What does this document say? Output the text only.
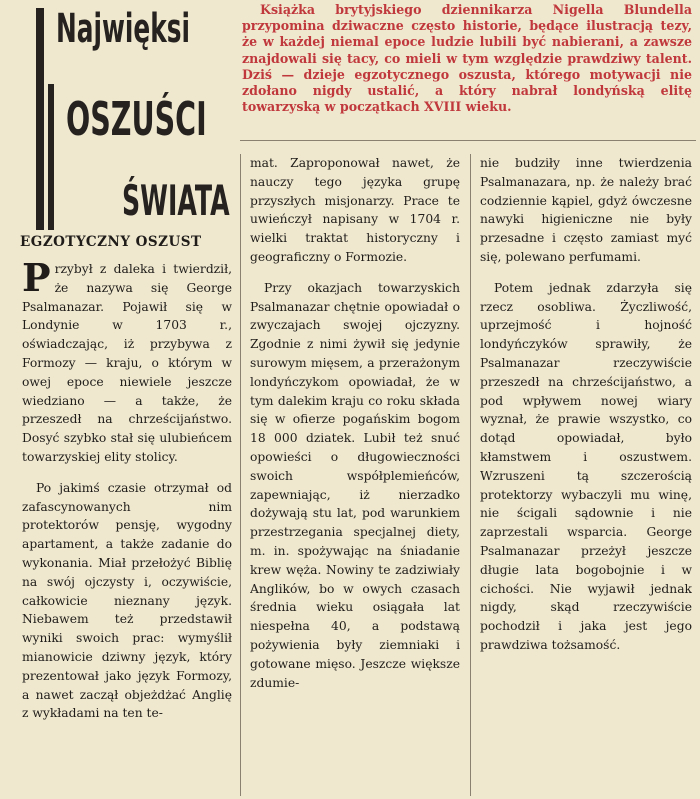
Najwięksi
OSZUŚCI
ŚWIATA
Książka brytyjskiego dziennikarza Nigella Blundella przypomina dziwaczne często historie, będące ilustracją tezy, że w każdej niemal epoce ludzie lubili być nabierani, a zawsze znajdowali się tacy, co mieli w tym względzie prawdziwy talent. Dziś — dzieje egzotycznego oszusta, którego motywacji nie zdołano nigdy ustalić, a który nabrał londyńską elitę towarzyską w początkach XVIII wieku.
EGZOTYCZNY OSZUST

Przybył z daleka i twierdził, że nazywa się George Psalmanazar. Pojawił się w Londynie w 1703 r., oświadczając, iż przybywa z Formozy — kraju, o którym w owej epoce niewiele jeszcze wiedziano — a także, że przeszedł na chrześcijaństwo. Dosyć szybko stał się ulubieńcem towarzyskiej elity stolicy.

Po jakimś czasie otrzymał od zafascynowanych nim protektorów pensję, wygodny apartament, a także zadanie do wykonania. Miał przełożyć Biblię na swój ojczysty i, oczywiście, całkowicie nieznany język. Niebawem też przedstawił wyniki swoich prac: wymyślił mianowicie dziwny język, który prezentował jako język Formozy, a nawet zaczął objeżdżać Anglię z wykładami na ten te-

mat. Zaproponował nawet, że nauczy tego języka grupę przyszłych misjonarzy. Prace te uwieńczył napisany w 1704 r. wielki traktat historyczny i geograficzny o Formozie.

Przy okazjach towarzyskich Psalmanazar chętnie opowiadał o zwyczajach swojej ojczyzny. Zgodnie z nimi żywił się jedynie surowym mięsem, a przerażonym londyńczykom opowiadał, że w tym dalekim kraju co roku składa się w ofierze pogańskim bogom 18 000 dziatek. Lubił też snuć opowieści o długowieczności swoich współplemieńców, zapewniając, iż nierzadko dożywają stu lat, pod warunkiem przestrzegania specjalnej diety, m. in. spożywając na śniadanie krew węża. Nowiny te zadziwiały Anglików, bo w owych czasach średnia wieku osiągała lat niespełna 40, a podstawą pożywienia były ziemniaki i gotowane mięso. Jeszcze większe zdumie-

nie budziły inne twierdzenia Psalmanazara, np. że należy brać codziennie kąpiel, gdyż ówczesne nawyki higieniczne nie były przesadne i często zamiast myć się, polewano perfumami.

Potem jednak zdarzyła się rzecz osobliwa. Życzliwość, uprzejmość i hojność londyńczyków sprawiły, że Psalmanazar rzeczywiście przeszedł na chrześcijaństwo, a pod wpływem nowej wiary wyznał, że prawie wszystko, co dotąd opowiadał, było kłamstwem i oszustwem. Wzruszeni tą szczerością protektorzy wybaczyli mu winę, nie ścigali sądownie i nie zaprzestali wsparcia. George Psalmanazar przeżył jeszcze długie lata bogobojnie i w cichości. Nie wyjawił jednak nigdy, skąd rzeczywiście pochodził i jaka jest jego prawdziwa tożsamość.
